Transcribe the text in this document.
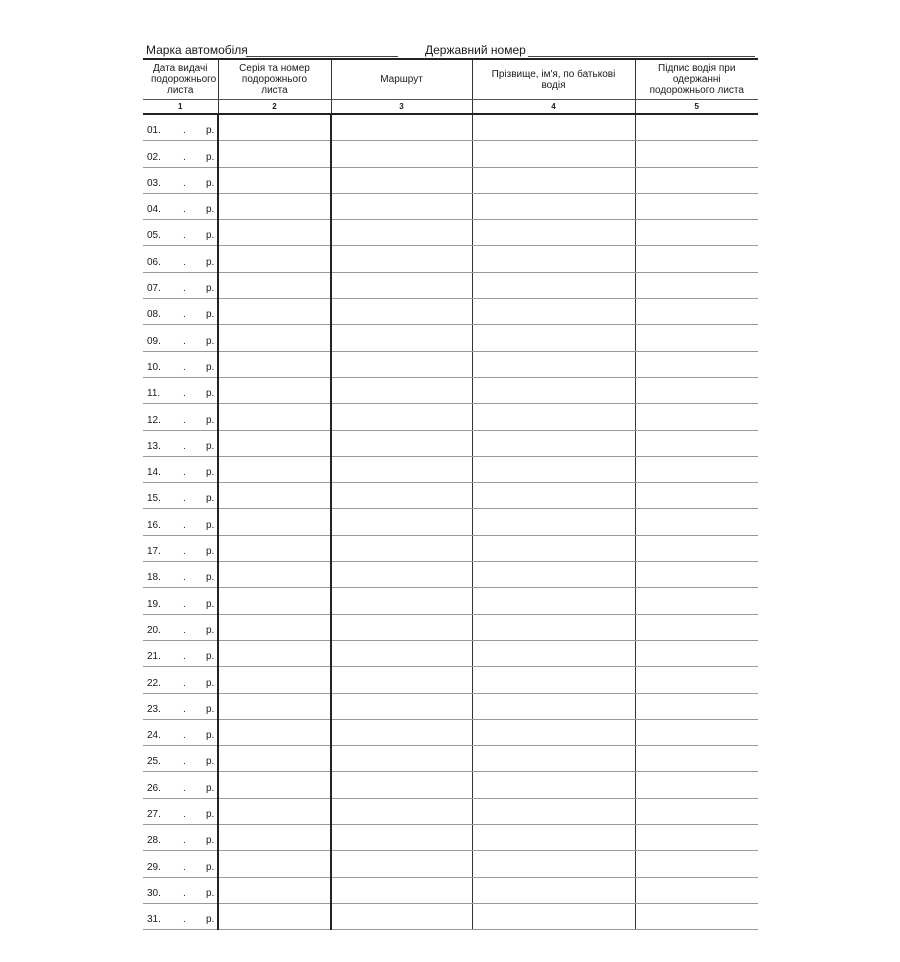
Марка автомобіля	Державний номер
Дата видачі подорожнього листа	Серія та номер подорожнього листа	Маршрут	Прізвище, ім'я, по батькові водія	Підпис водія при одержанні подорожнього листа
1	2	3	4	5

01. . р.				

02. . р.				

03. . р.				

04. . р.				

05. . р.				

06. . р.				

07. . р.				

08. . р.				

09. . р.				

10. . р.				

11. . р.				

12. . р.				

13. . р.				

14. . р.				

15. . р.				

16. . р.				

17. . р.				

18. . р.				

19. . р.				

20. . р.				

21. . р.				

22. . р.				

23. . р.				

24. . р.				

25. . р.				

26. . р.				

27. . р.				

28. . р.				

29. . р.				

30. . р.				

31. . р.				
